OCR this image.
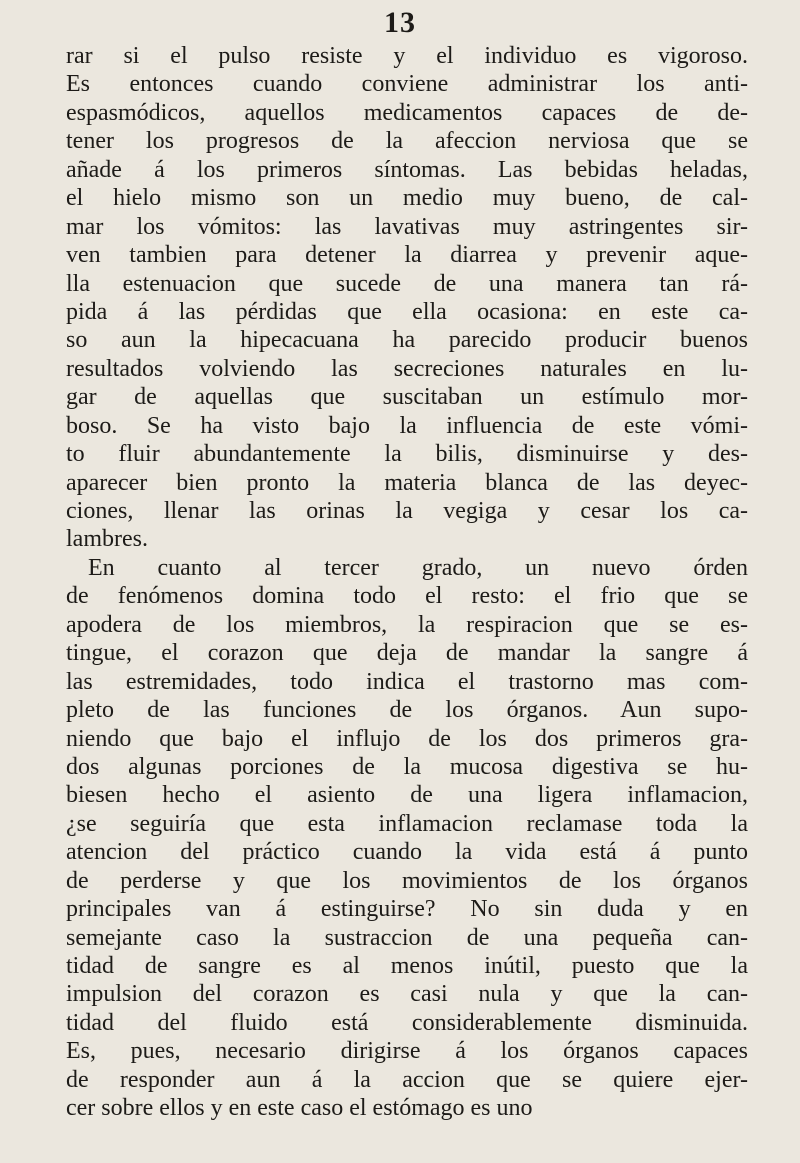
13
rar si el pulso resiste y el individuo es vigoroso.
Es entonces cuando conviene administrar los anti-
espasmódicos, aquellos medicamentos capaces de de-
tener los progresos de la afeccion nerviosa que se
añade á los primeros síntomas. Las bebidas heladas,
el hielo mismo son un medio muy bueno, de cal-
mar los vómitos: las lavativas muy astringentes sir-
ven tambien para detener la diarrea y prevenir aque-
lla estenuacion que sucede de una manera tan rá-
pida á las pérdidas que ella ocasiona: en este ca-
so aun la hipecacuana ha parecido producir buenos
resultados volviendo las secreciones naturales en lu-
gar de aquellas que suscitaban un estímulo mor-
boso. Se ha visto bajo la influencia de este vómi-
to fluir abundantemente la bilis, disminuirse y des-
aparecer bien pronto la materia blanca de las deyec-
ciones, llenar las orinas la vegiga y cesar los ca-
lambres.
En cuanto al tercer grado, un nuevo órden
de fenómenos domina todo el resto: el frio que se
apodera de los miembros, la respiracion que se es-
tingue, el corazon que deja de mandar la sangre á
las estremidades, todo indica el trastorno mas com-
pleto de las funciones de los órganos. Aun supo-
niendo que bajo el influjo de los dos primeros gra-
dos algunas porciones de la mucosa digestiva se hu-
biesen hecho el asiento de una ligera inflamacion,
¿se seguiría que esta inflamacion reclamase toda la
atencion del práctico cuando la vida está á punto
de perderse y que los movimientos de los órganos
principales van á estinguirse? No sin duda y en
semejante caso la sustraccion de una pequeña can-
tidad de sangre es al menos inútil, puesto que la
impulsion del corazon es casi nula y que la can-
tidad del fluido está considerablemente disminuida.
Es, pues, necesario dirigirse á los órganos capaces
de responder aun á la accion que se quiere ejer-
cer sobre ellos y en este caso el estómago es uno
